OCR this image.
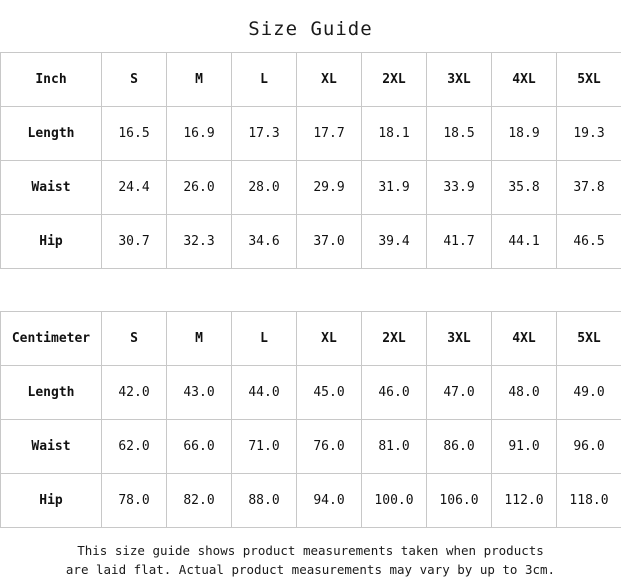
Size Guide
Inch	S	M	L	XL	2XL	3XL	4XL	5XL
Length	16.5	16.9	17.3	17.7	18.1	18.5	18.9	19.3
Waist	24.4	26.0	28.0	29.9	31.9	33.9	35.8	37.8
Hip	30.7	32.3	34.6	37.0	39.4	41.7	44.1	46.5
Centimeter	S	M	L	XL	2XL	3XL	4XL	5XL
Length	42.0	43.0	44.0	45.0	46.0	47.0	48.0	49.0
Waist	62.0	66.0	71.0	76.0	81.0	86.0	91.0	96.0
Hip	78.0	82.0	88.0	94.0	100.0	106.0	112.0	118.0
This size guide shows product measurements taken when products
are laid flat. Actual product measurements may vary by up to 3cm.
